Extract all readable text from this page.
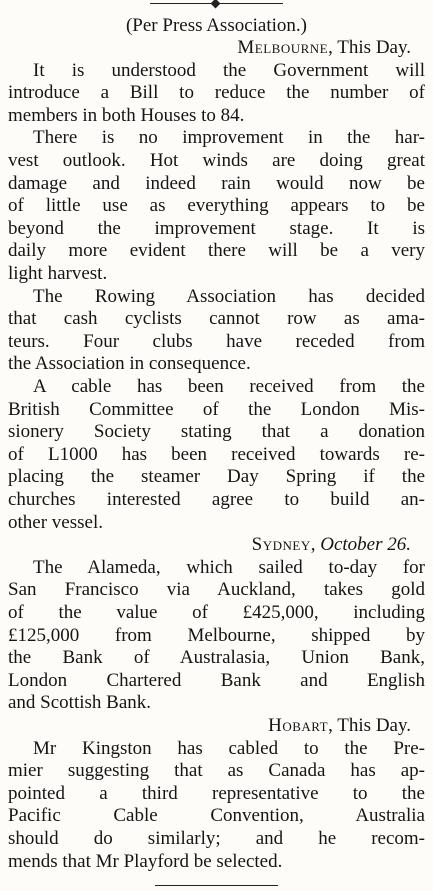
(Per Press Association.)
Melbourne, This Day.
It is understood the Government will
introduce a Bill to reduce the number of
members in both Houses to 84.
There is no improvement in the har-
vest outlook. Hot winds are doing great
damage and indeed rain would now be
of little use as everything appears to be
beyond the improvement stage. It is
daily more evident there will be a very
light harvest.
The Rowing Association has decided
that cash cyclists cannot row as ama-
teurs. Four clubs have receded from
the Association in consequence.
A cable has been received from the
British Committee of the London Mis-
sionery Society stating that a donation
of L1000 has been received towards re-
placing the steamer Day Spring if the
churches interested agree to build an-
other vessel.
Sydney, October 26.
The Alameda, which sailed to-day for
San Francisco via Auckland, takes gold
of the value of £425,000, including
£125,000 from Melbourne, shipped by
the Bank of Australasia, Union Bank,
London Chartered Bank and English
and Scottish Bank.
Hobart, This Day.
Mr Kingston has cabled to the Pre-
mier suggesting that as Canada has ap-
pointed a third representative to the
Pacific Cable Convention, Australia
should do similarly; and he recom-
mends that Mr Playford be selected.
